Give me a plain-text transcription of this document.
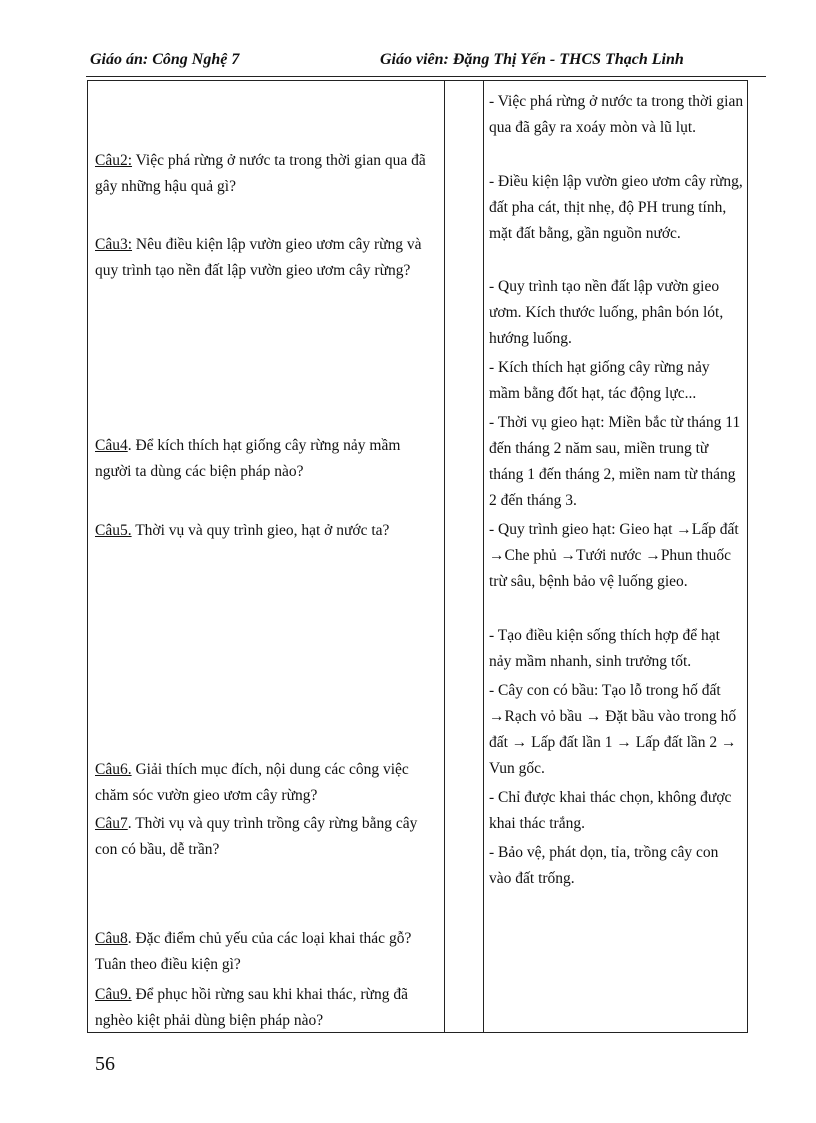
Giáo án: Công Nghệ 7	Giáo viên: Đặng Thị Yến - THCS Thạch Linh
Câu2: Việc phá rừng ở nước ta trong thời gian qua đã gây những hậu quả gì?
Câu3: Nêu điều kiện lập vườn gieo ươm cây rừng và quy trình tạo nền đất lập vườn gieo ươm cây rừng?
Câu4. Để kích thích hạt giống cây rừng nảy mầm người ta dùng các biện pháp nào?
Câu5. Thời vụ và quy trình gieo, hạt ở nước ta?
Câu6. Giải thích mục đích, nội dung các công việc chăm sóc vườn gieo ươm cây rừng?
Câu7. Thời vụ và quy trình trồng cây rừng bằng cây con có bầu, dễ trần?
Câu8. Đặc điểm chủ yếu của các loại khai thác gỗ? Tuân theo điều kiện gì?
Câu9. Để phục hồi rừng sau khi khai thác, rừng đã nghèo kiệt phải dùng biện pháp nào?
- Việc phá rừng ở nước ta trong thời gian qua đã gây ra xoáy mòn và lũ lụt.
- Điều kiện lập vườn gieo ươm cây rừng, đất pha cát, thịt nhẹ, độ PH trung tính, mặt đất bằng, gần nguồn nước.
- Quy trình tạo nền đất lập vườn gieo ươm. Kích thước luống, phân bón lót, hướng luống.
- Kích thích hạt giống cây rừng nảy mầm bằng đốt hạt, tác động lực...
- Thời vụ gieo hạt: Miền bắc từ tháng 11 đến tháng 2 năm sau, miền trung từ tháng 1 đến tháng 2, miền nam từ tháng 2 đến tháng 3.
- Quy trình gieo hạt: Gieo hạt →Lấp đất →Che phủ →Tưới nước →Phun thuốc trừ sâu, bệnh bảo vệ luống gieo.
- Tạo điều kiện sống thích hợp để hạt nảy mầm nhanh, sinh trưởng tốt.
- Cây con có bầu: Tạo lỗ trong hố đất →Rạch vỏ bầu → Đặt bầu vào trong hố đất → Lấp đất lần 1 → Lấp đất lần 2 → Vun gốc.
- Chỉ được khai thác chọn, không được khai thác trắng.
- Bảo vệ, phát dọn, tỉa, trồng cây con vào đất trống.
56
